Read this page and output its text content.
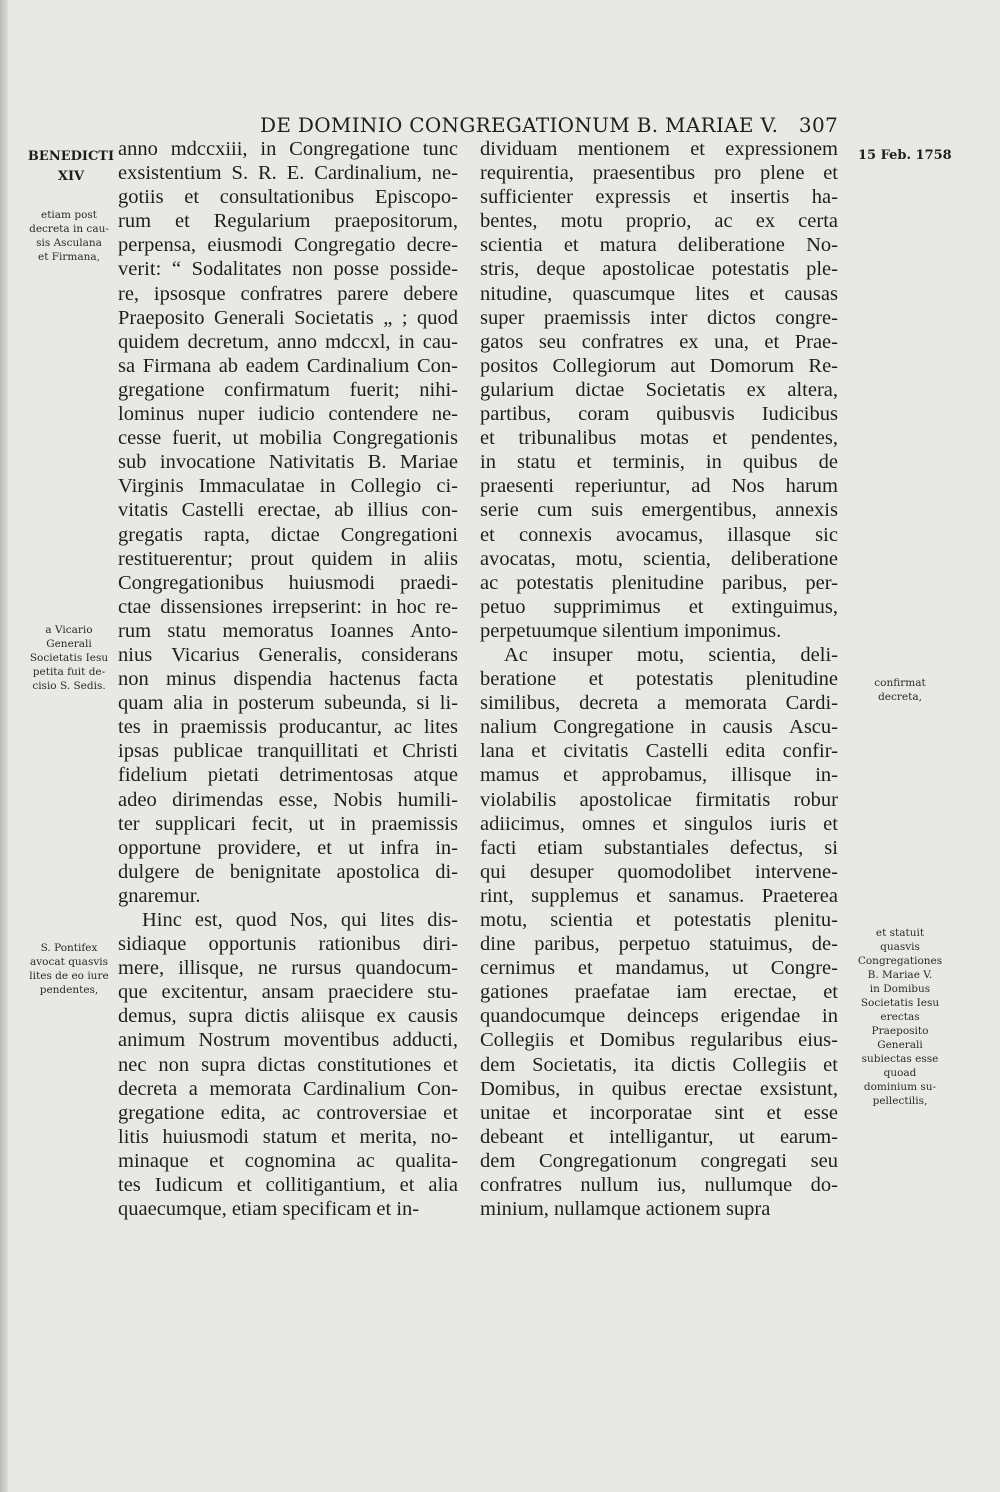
DE DOMINIO CONGREGATIONUM B. MARIAE V. 307
BENEDICTI
XIV
etiam post
decreta in cau-
sis Asculana
et Firmana,
a Vicario
Generali
Societatis Iesu
petita fuit de-
cisio S. Sedis.
S. Pontifex
avocat quasvis
lites de eo iure
pendentes,
15 Feb. 1758
confirmat
decreta,
et statuit
quasvis
Congregationes
B. Mariae V.
in Domibus
Societatis Iesu
erectas
Praeposito
Generali
subiectas esse
quoad
dominium su-
pellectilis,
anno mdccxiii, in Congregatione tunc
exsistentium S. R. E. Cardinalium, ne-
gotiis et consultationibus Episcopo-
rum et Regularium praepositorum,
perpensa, eiusmodi Congregatio decre-
verit: “ Sodalitates non posse posside-
re, ipsosque confratres parere debere
Praeposito Generali Societatis „ ; quod
quidem decretum, anno mdccxl, in cau-
sa Firmana ab eadem Cardinalium Con-
gregatione confirmatum fuerit; nihi-
lominus nuper iudicio contendere ne-
cesse fuerit, ut mobilia Congregationis
sub invocatione Nativitatis B. Mariae
Virginis Immaculatae in Collegio ci-
vitatis Castelli erectae, ab illius con-
gregatis rapta, dictae Congregationi
restituerentur; prout quidem in aliis
Congregationibus huiusmodi praedi-
ctae dissensiones irrepserint: in hoc re-
rum statu memoratus Ioannes Anto-
nius Vicarius Generalis, considerans
non minus dispendia hactenus facta
quam alia in posterum subeunda, si li-
tes in praemissis producantur, ac lites
ipsas publicae tranquillitati et Christi
fidelium pietati detrimentosas atque
adeo dirimendas esse, Nobis humili-
ter supplicari fecit, ut in praemissis
opportune providere, et ut infra in-
dulgere de benignitate apostolica di-
gnaremur.
Hinc est, quod Nos, qui lites dis-
sidiaque opportunis rationibus diri-
mere, illisque, ne rursus quandocum-
que excitentur, ansam praecidere stu-
demus, supra dictis aliisque ex causis
animum Nostrum moventibus adducti,
nec non supra dictas constitutiones et
decreta a memorata Cardinalium Con-
gregatione edita, ac controversiae et
litis huiusmodi statum et merita, no-
minaque et cognomina ac qualita-
tes Iudicum et collitigantium, et alia
quaecumque, etiam specificam et in-
dividuam mentionem et expressionem
requirentia, praesentibus pro plene et
sufficienter expressis et insertis ha-
bentes, motu proprio, ac ex certa
scientia et matura deliberatione No-
stris, deque apostolicae potestatis ple-
nitudine, quascumque lites et causas
super praemissis inter dictos congre-
gatos seu confratres ex una, et Prae-
positos Collegiorum aut Domorum Re-
gularium dictae Societatis ex altera,
partibus, coram quibusvis Iudicibus
et tribunalibus motas et pendentes,
in statu et terminis, in quibus de
praesenti reperiuntur, ad Nos harum
serie cum suis emergentibus, annexis
et connexis avocamus, illasque sic
avocatas, motu, scientia, deliberatione
ac potestatis plenitudine paribus, per-
petuo supprimimus et extinguimus,
perpetuumque silentium imponimus.
Ac insuper motu, scientia, deli-
beratione et potestatis plenitudine
similibus, decreta a memorata Cardi-
nalium Congregatione in causis Ascu-
lana et civitatis Castelli edita confir-
mamus et approbamus, illisque in-
violabilis apostolicae firmitatis robur
adiicimus, omnes et singulos iuris et
facti etiam substantiales defectus, si
qui desuper quomodolibet intervene-
rint, supplemus et sanamus. Praeterea
motu, scientia et potestatis plenitu-
dine paribus, perpetuo statuimus, de-
cernimus et mandamus, ut Congre-
gationes praefatae iam erectae, et
quandocumque deinceps erigendae in
Collegiis et Domibus regularibus eius-
dem Societatis, ita dictis Collegiis et
Domibus, in quibus erectae exsistunt,
unitae et incorporatae sint et esse
debeant et intelligantur, ut earum-
dem Congregationum congregati seu
confratres nullum ius, nullumque do-
minium, nullamque actionem supra
